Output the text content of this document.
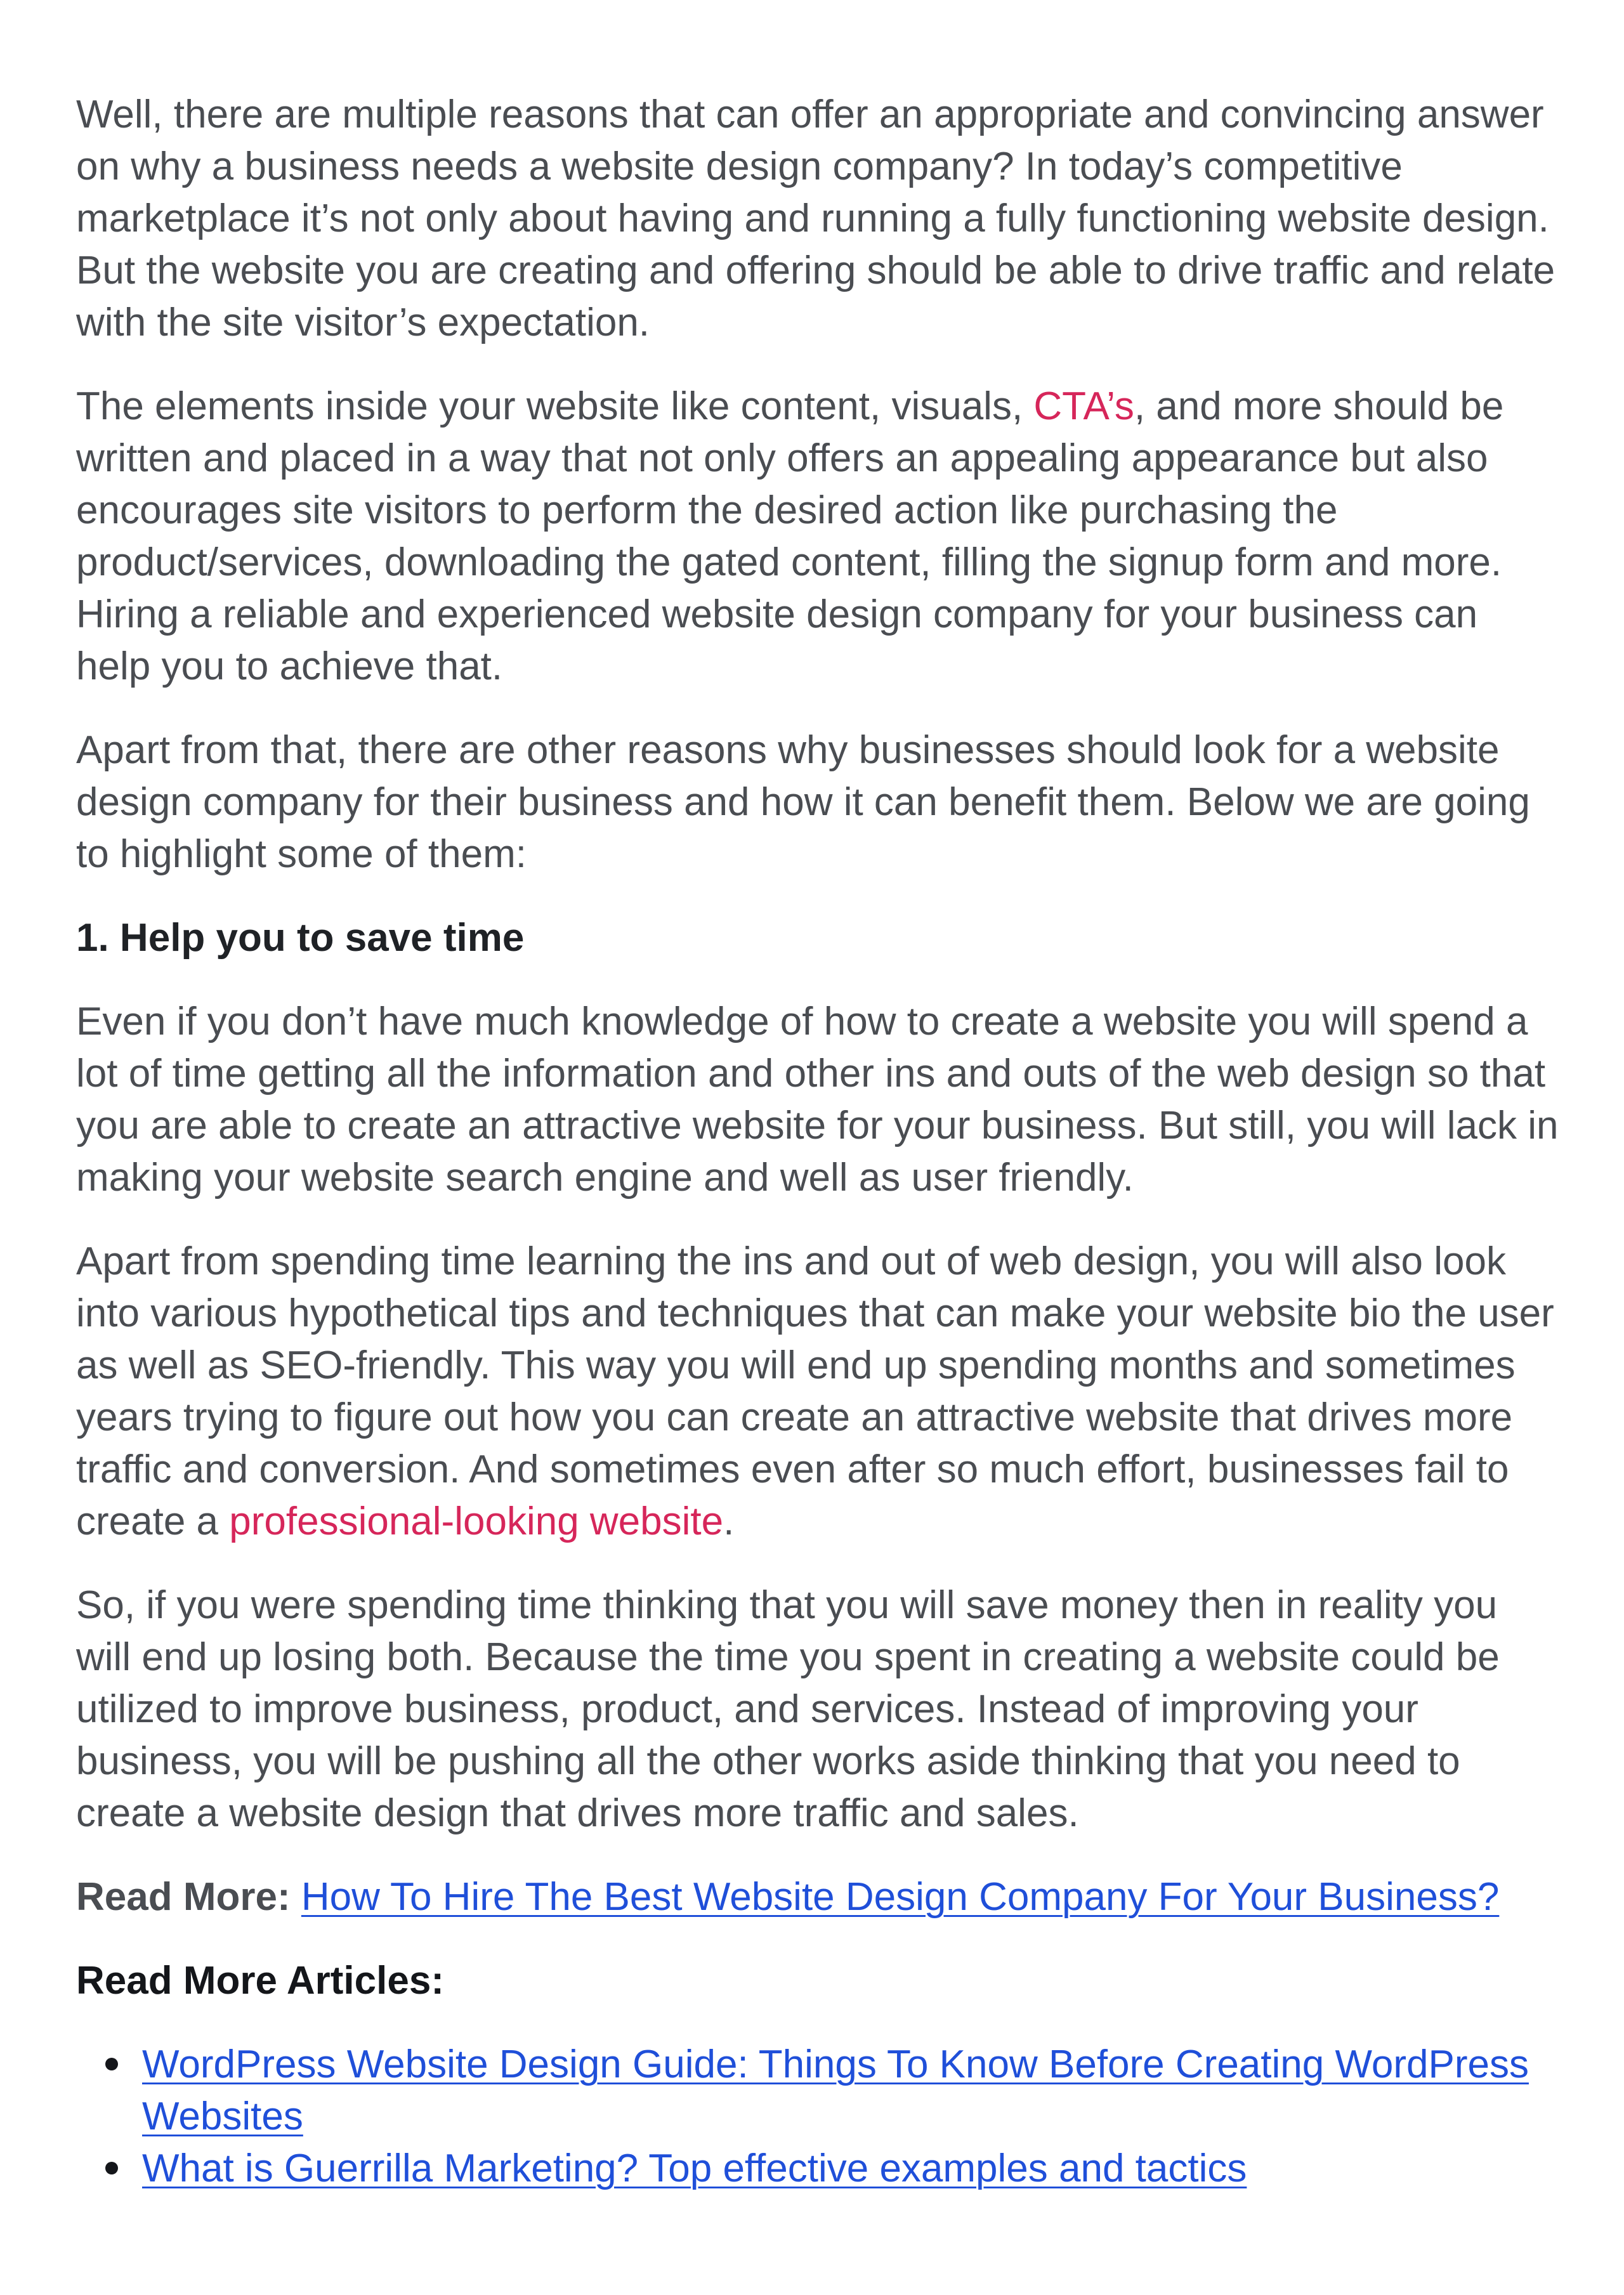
Well, there are multiple reasons that can offer an appropriate and convincing answer on why a business needs a website design company? In today’s competitive marketplace it’s not only about having and running a fully functioning website design. But the website you are creating and offering should be able to drive traffic and relate with the site visitor’s expectation.

The elements inside your website like content, visuals, CTA’s, and more should be written and placed in a way that not only offers an appealing appearance but also encourages site visitors to perform the desired action like purchasing the product/services, downloading the gated content, filling the signup form and more. Hiring a reliable and experienced website design company for your business can help you to achieve that.

Apart from that, there are other reasons why businesses should look for a website design company for their business and how it can benefit them. Below we are going to highlight some of them:

1. Help you to save time

Even if you don’t have much knowledge of how to create a website you will spend a lot of time getting all the information and other ins and outs of the web design so that you are able to create an attractive website for your business. But still, you will lack in making your website search engine and well as user friendly.

Apart from spending time learning the ins and out of web design, you will also look into various hypothetical tips and techniques that can make your website bio the user as well as SEO-friendly. This way you will end up spending months and sometimes years trying to figure out how you can create an attractive website that drives more traffic and conversion. And sometimes even after so much effort, businesses fail to create a professional-looking website.

So, if you were spending time thinking that you will save money then in reality you will end up losing both. Because the time you spent in creating a website could be utilized to improve business, product, and services. Instead of improving your business, you will be pushing all the other works aside thinking that you need to create a website design that drives more traffic and sales.

Read More: How To Hire The Best Website Design Company For Your Business?

Read More Articles:

WordPress Website Design Guide: Things To Know Before Creating WordPress Websites
What is Guerrilla Marketing? Top effective examples and tactics
